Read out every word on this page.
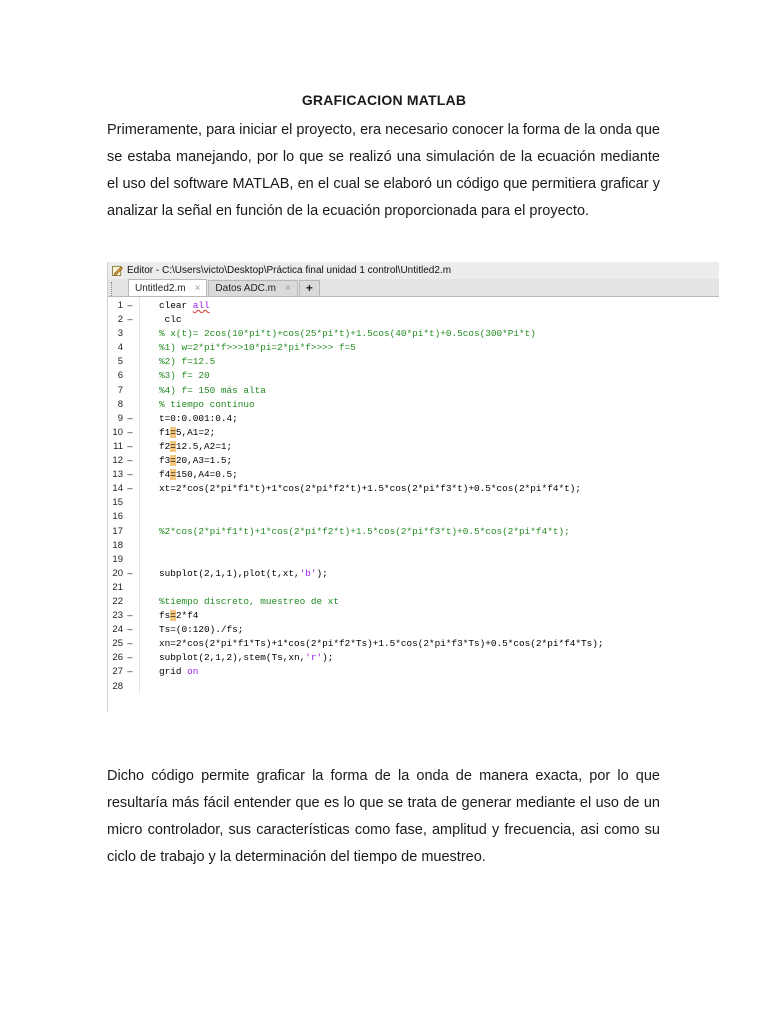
GRAFICACION MATLAB
Primeramente, para iniciar el proyecto, era necesario conocer la forma de la onda que se estaba manejando, por lo que se realizó una simulación de la ecuación mediante el uso del software MATLAB, en el cual se elaboró un código que permitiera graficar y analizar la señal en función de la ecuación proporcionada para el proyecto.
Editor - C:\Users\victo\Desktop\Práctica final unidad 1 control\Untitled2.m
Untitled2.m × Datos ADC.m ×	+
1 –	clear all
2 –	clc
3	% x(t)= 2cos(10*pi*t)+cos(25*pi*t)+1.5cos(40*pi*t)+0.5cos(300*Pi*t)
4	%1) w=2*pi*f>>>10*pi=2*pi*f>>>> f=5
5	%2) f=12.5
6	%3) f= 20
7	%4) f= 150 más alta
8	% tiempo continuo
9 –	t=0:0.001:0.4;
10 –	f1=5,A1=2;
11 –	f2=12.5,A2=1;
12 –	f3=20,A3=1.5;
13 –	f4=150,A4=0.5;
14 –	xt=2*cos(2*pi*f1*t)+1*cos(2*pi*f2*t)+1.5*cos(2*pi*f3*t)+0.5*cos(2*pi*f4*t);
15
16
17	%2*cos(2*pi*f1*t)+1*cos(2*pi*f2*t)+1.5*cos(2*pi*f3*t)+0.5*cos(2*pi*f4*t);
18
19
20 –	subplot(2,1,1),plot(t,xt,'b');
21
22	%tiempo discreto, muestreo de xt
23 –	fs=2*f4
24 –	Ts=(0:120)./fs;
25 –	xn=2*cos(2*pi*f1*Ts)+1*cos(2*pi*f2*Ts)+1.5*cos(2*pi*f3*Ts)+0.5*cos(2*pi*f4*Ts);
26 –	subplot(2,1,2),stem(Ts,xn,'r');
27 –	grid on
28
Dicho código permite graficar la forma de la onda de manera exacta, por lo que resultaría más fácil entender que es lo que se trata de generar mediante el uso de un micro controlador, sus características como fase, amplitud y frecuencia, asi como su ciclo de trabajo y la determinación del tiempo de muestreo.
